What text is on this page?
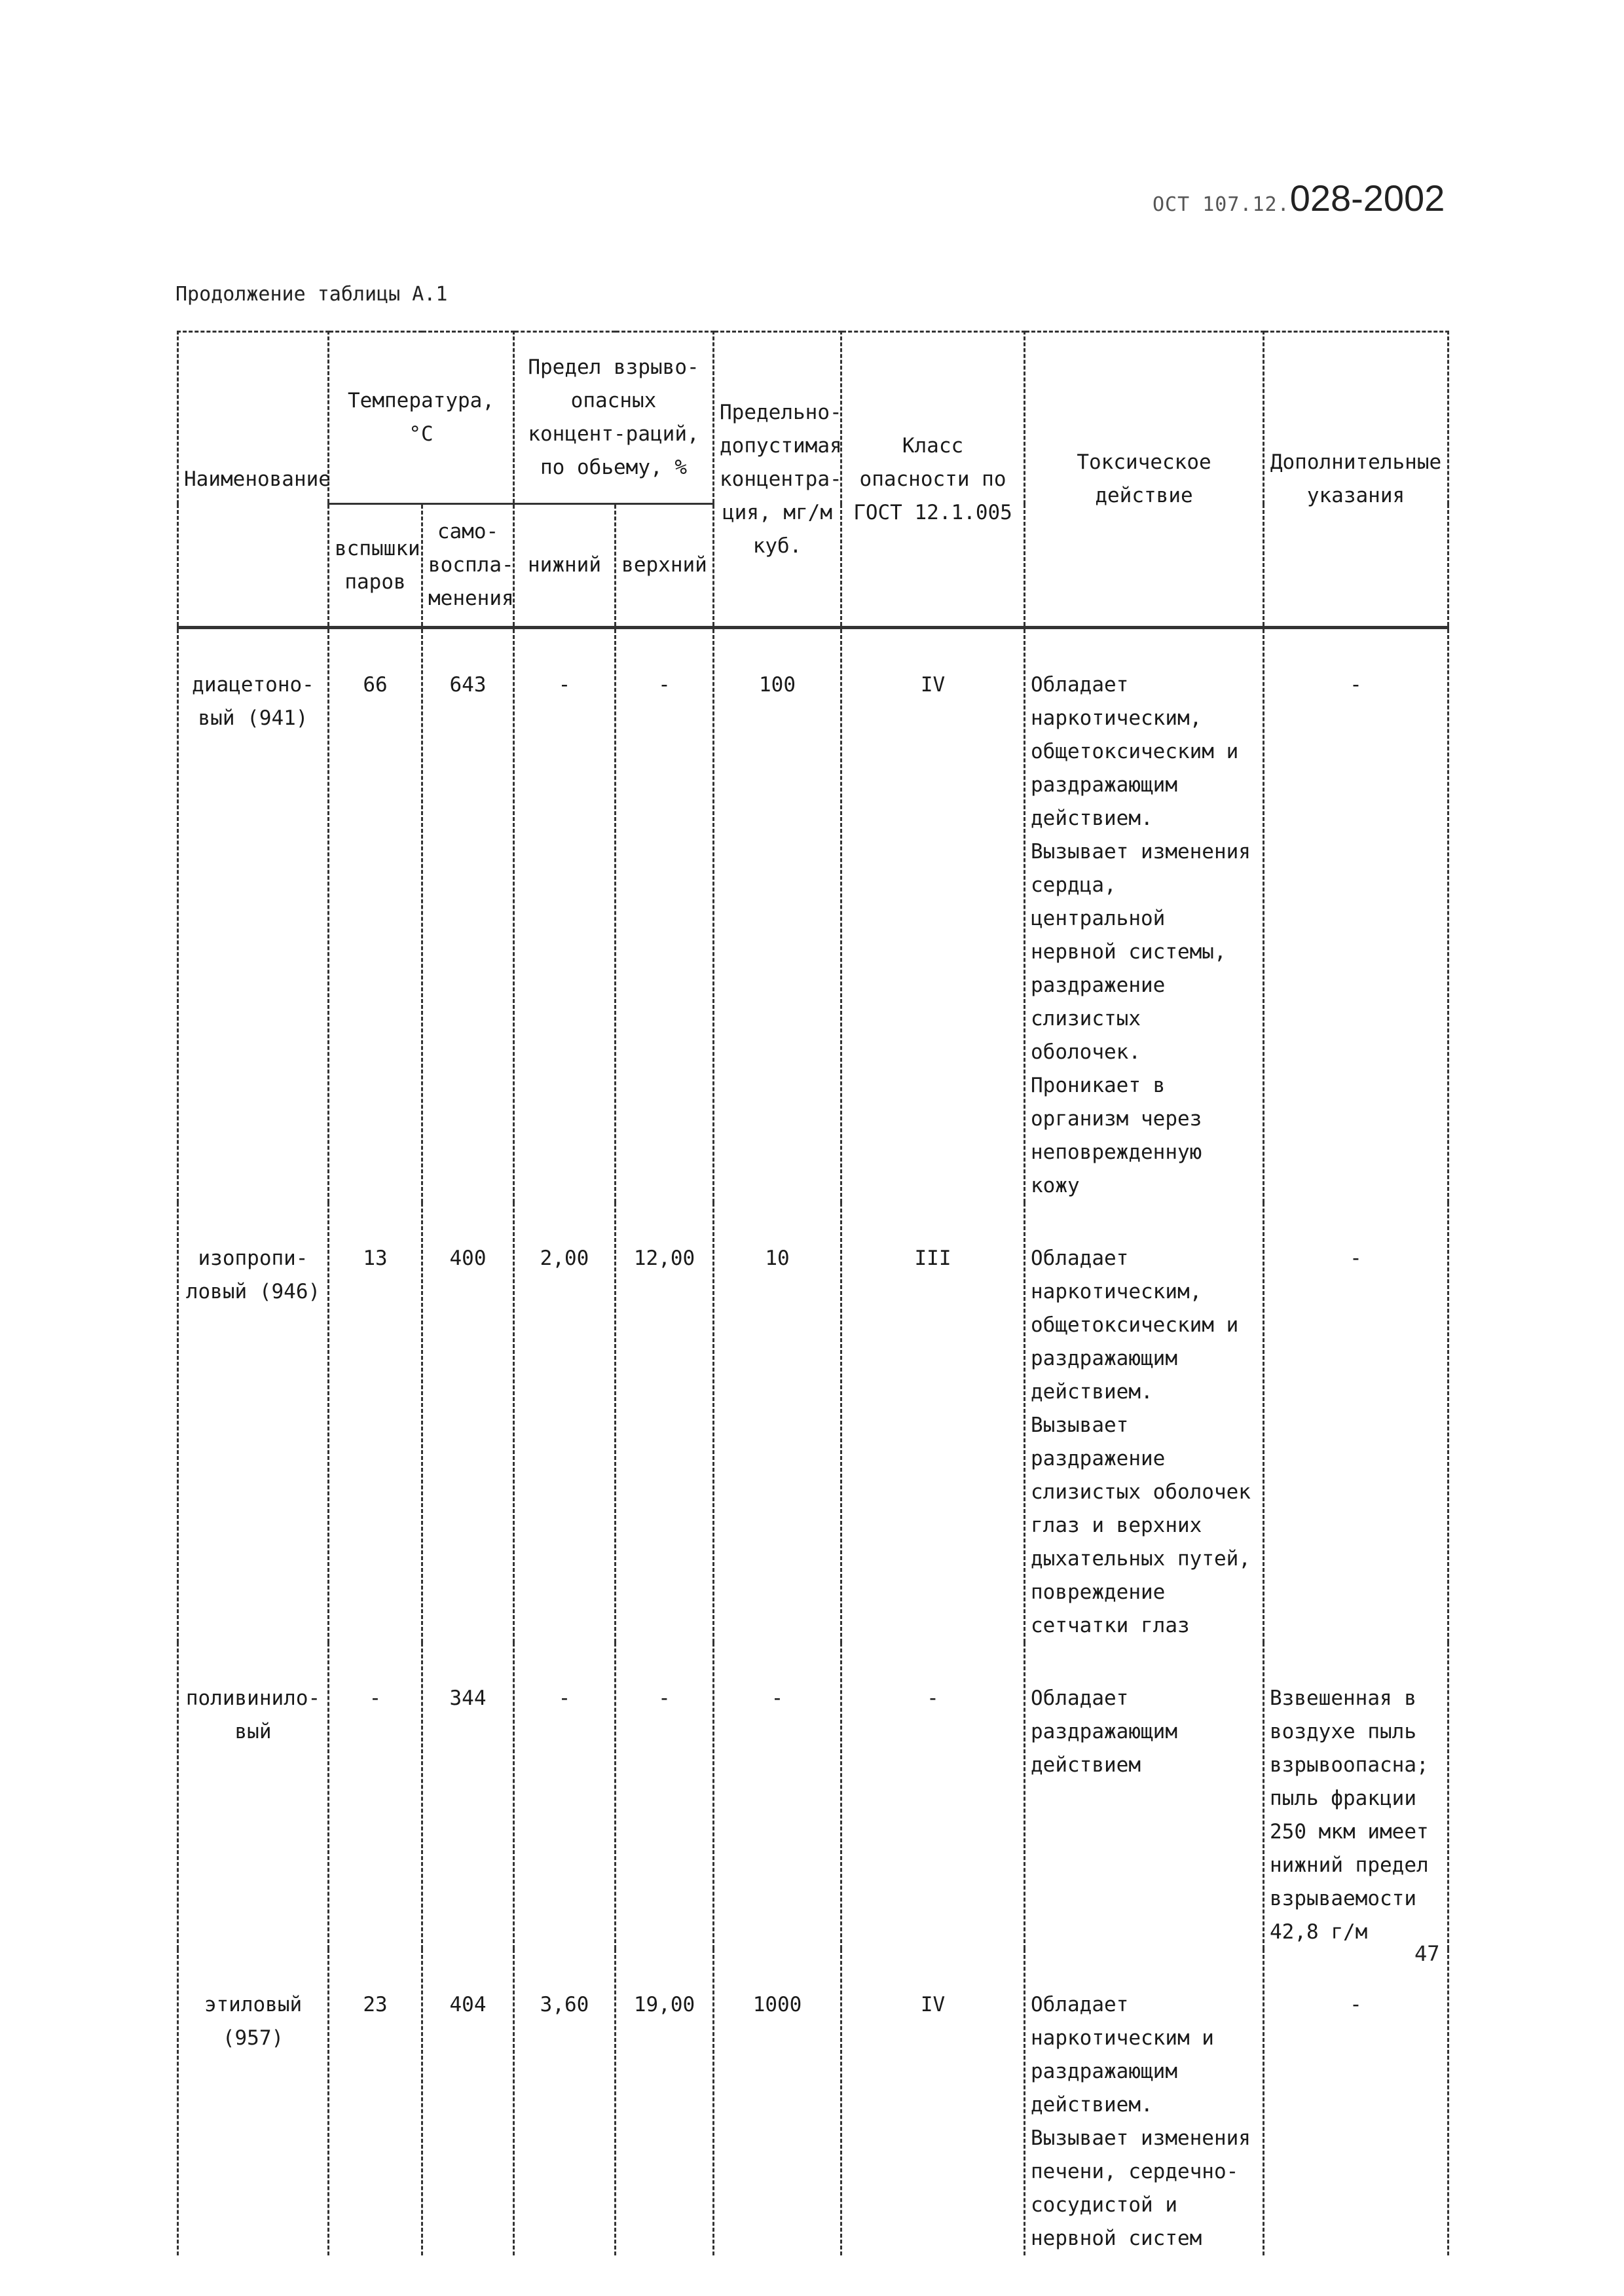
ОСТ 107.12.028-2002
Продолжение таблицы А.1
Наименование	Температура, °С		Предел взрыво-опасных концент-раций, по обьему, %		Предельно-допустимая концентра-ция, мг/м куб.	Класс опасности по ГОСТ 12.1.005	Токсическое действие	Дополнительные указания
	вспышки паров	само-воспла-менения	нижний	верхний				
диацетоно-вый (941)	66	643	-	-	100	IV	Обладает наркотическим, общетоксическим и раздражающим действием. Вызывает изменения сердца, центральной нервной системы, раздражение слизистых оболочек. Проникает в организм через неповрежденную кожу	-
изопропи-ловый (946)	13	400	2,00	12,00	10	III	Обладает наркотическим, общетоксическим и раздражающим действием. Вызывает раздражение слизистых оболочек глаз и верхних дыхательных путей, повреждение сетчатки глаз	-
поливинило-вый	-	344	-	-	-	-	Обладает раздражающим действием	Взвешенная в воздухе пыль взрывоопасна; пыль фракции 250 мкм имеет нижний предел взрываемости 42,8 г/м
этиловый (957)	23	404	3,60	19,00	1000	IV	Обладает наркотическим и раздражающим действием. Вызывает изменения печени, сердечно-сосудистой и нервной систем	-
47
